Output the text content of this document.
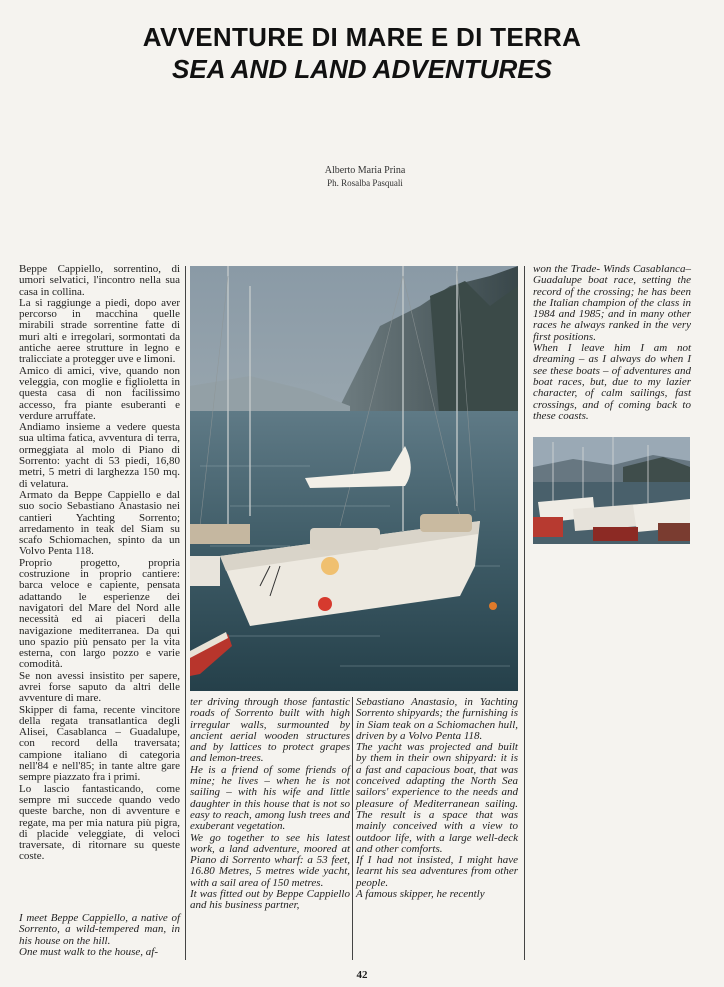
AVVENTURE DI MARE E DI TERRA
SEA AND LAND ADVENTURES
Alberto Maria Prina
Ph. Rosalba Pasquali

Beppe Cappiello, sorrentino, di umori selvatici, l'incontro nella sua casa in collina.

La si raggiunge a piedi, dopo aver percorso in macchina quelle mirabili strade sorrentine fatte di muri alti e irregolari, sormontati da antiche aeree strutture in legno e tralicciate a protegger uve e limoni.

Amico di amici, vive, quando non veleggia, con moglie e figlioletta in questa casa di non facilissimo accesso, fra piante esuberanti e verdure arruffate.

Andiamo insieme a vedere questa sua ultima fatica, avventura di terra, ormeggiata al molo di Piano di Sorrento: yacht di 53 piedi, 16,80 metri, 5 metri di larghezza 150 mq. di velatura.

Armato da Beppe Cappiello e dal suo socio Sebastiano Anastasio nei cantieri Yachting Sorrento; arredamento in teak del Siam su scafo Schiomachen, spinto da un Volvo Penta 118.

Proprio progetto, propria costruzione in proprio cantiere: barca veloce e capiente, pensata adattando le esperienze dei navigatori del Mare del Nord alle necessità ed ai piaceri della navigazione mediterranea. Da qui uno spazio più pensato per la vita esterna, con largo pozzo e varie comodità.

Se non avessi insistito per sapere, avrei forse saputo da altri delle avventure di mare.

Skipper di fama, recente vincitore della regata transatlantica degli Alisei, Casablanca – Guadalupe, con record della traversata; campione italiano di categoria nell'84 e nell'85; in tante altre gare sempre piazzato fra i primi.

Lo lascio fantasticando, come sempre mi succede quando vedo queste barche, non di avventure e regate, ma per mia natura più pigra, di placide veleggiate, di veloci traversate, di ritornare su queste coste.

I meet Beppe Cappiello, a native of Sorrento, a wild-tempered man, in his house on the hill.

One must walk to the house, af-

won the Trade- Winds Casablanca–Guadalupe boat race, setting the record of the crossing; he has been the Italian champion of the class in 1984 and 1985; and in many other races he always ranked in the very first positions.

When I leave him I am not dreaming – as I always do when I see these boats – of adventures and boat races, but, due to my lazier character, of calm sailings, fast crossings, and of coming back to these coasts.

ter driving through those fantastic roads of Sorrento built with high irregular walls, surmounted by ancient aerial wooden structures and by lattices to protect grapes and lemon-trees.

He is a friend of some friends of mine; he lives – when he is not sailing – with his wife and little daughter in this house that is not so easy to reach, among lush trees and exuberant vegetation.

We go together to see his latest work, a land adventure, moored at Piano di Sorrento wharf: a 53 feet, 16.80 Metres, 5 metres wide yacht, with a sail area of 150 metres.

It was fitted out by Beppe Cappiello and his business partner,

Sebastiano Anastasio, in Yachting Sorrento shipyards; the furnishing is in Siam teak on a Schiomachen hull, driven by a Volvo Penta 118.

The yacht was projected and built by them in their own shipyard: it is a fast and capacious boat, that was conceived adapting the North Sea sailors' experience to the needs and pleasure of Mediterranean sailing. The result is a space that was mainly conceived with a view to outdoor life, with a large well-deck and other comforts.

If I had not insisted, I might have learnt his sea adventures from other people.

A famous skipper, he recently

42
